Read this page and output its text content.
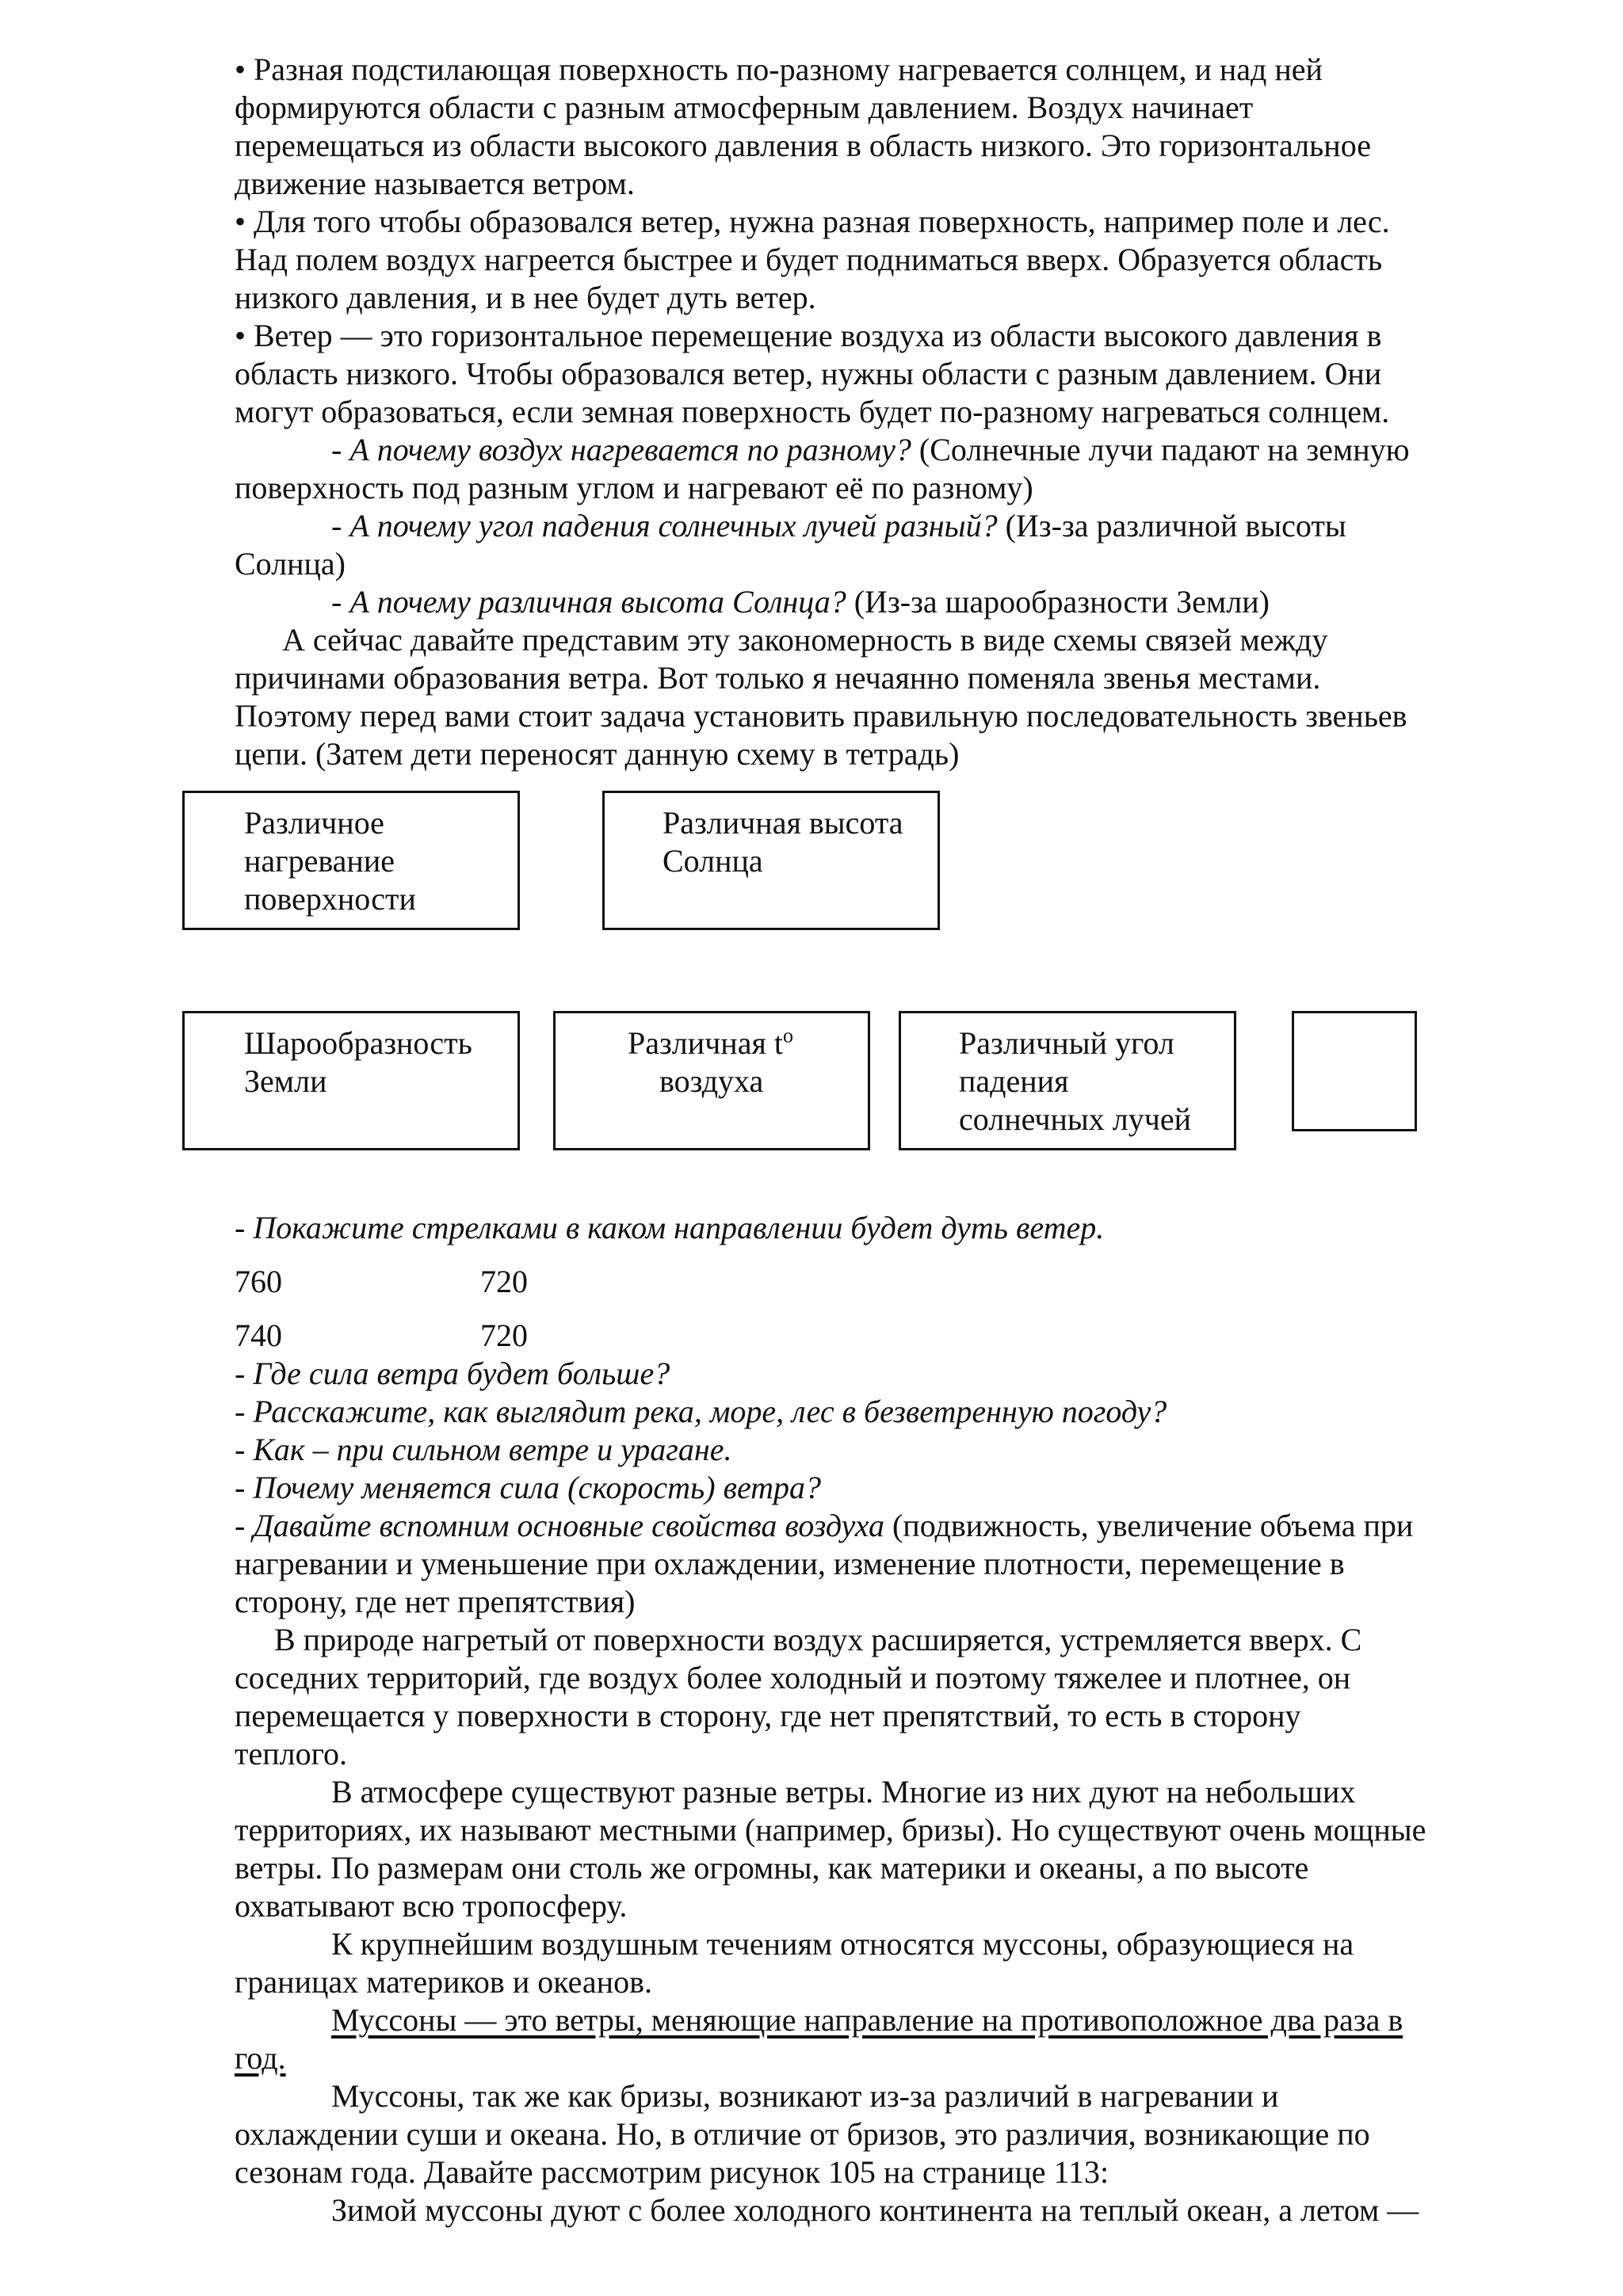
• Разная подстилающая поверхность по-разному нагревается солнцем, и над ней
формируются области с разным атмосферным давлением. Воздух начинает
перемещаться из области высокого давления в область низкого. Это горизонтальное
движение называется ветром.
• Для того чтобы образовался ветер, нужна разная поверхность, например поле и лес.
Над полем воздух нагреется быстрее и будет подниматься вверх. Образуется область
низкого давления, и в нее будет дуть ветер.
• Ветер — это горизонтальное перемещение воздуха из области высокого давления в
область низкого. Чтобы образовался ветер, нужны области с разным давлением. Они
могут образоваться, если земная поверхность будет по-разному нагреваться солнцем.
- А почему воздух нагревается по разному? (Солнечные лучи падают на земную
поверхность под разным углом и нагревают её по разному)
- А почему угол падения солнечных лучей разный? (Из-за различной высоты
Солнца)
- А почему различная высота Солнца? (Из-за шарообразности Земли)
А сейчас давайте представим эту закономерность в виде схемы связей между
причинами образования ветра. Вот только я нечаянно поменяла звенья местами.
Поэтому перед вами стоит задача установить правильную последовательность звеньев
цепи. (Затем дети переносят данную схему в тетрадь)
Различное
нагревание
поверхности
Различная высота
Солнца
Шарообразность
Земли
Различная $t^о$
воздуха
Различный угол
падения
солнечных лучей
- Покажите стрелками в каком направлении будет дуть ветер.
760	720
740	720
- Где сила ветра будет больше?
- Расскажите, как выглядит река, море, лес в безветренную погоду?
- Как – при сильном ветре и урагане.
- Почему меняется сила (скорость) ветра?
- Давайте вспомним основные свойства воздуха (подвижность, увеличение объема при
нагревании и уменьшение при охлаждении, изменение плотности, перемещение в
сторону, где нет препятствия)
В природе нагретый от поверхности воздух расширяется, устремляется вверх. С
соседних территорий, где воздух более холодный и поэтому тяжелее и плотнее, он
перемещается у поверхности в сторону, где нет препятствий, то есть в сторону
теплого.
В атмосфере существуют разные ветры. Многие из них дуют на небольших
территориях, их называют местными (например, бризы). Но существуют очень мощные
ветры. По размерам они столь же огромны, как материки и океаны, а по высоте
охватывают всю тропосферу.
К крупнейшим воздушным течениям относятся муссоны, образующиеся на
границах материков и океанов.
Муссоны — это ветры, меняющие направление на противоположное два раза в
год.
Муссоны, так же как бризы, возникают из-за различий в нагревании и
охлаждении суши и океана. Но, в отличие от бризов, это различия, возникающие по
сезонам года. Давайте рассмотрим рисунок 105 на странице 113:
Зимой муссоны дуют с более холодного континента на теплый океан, а летом —
